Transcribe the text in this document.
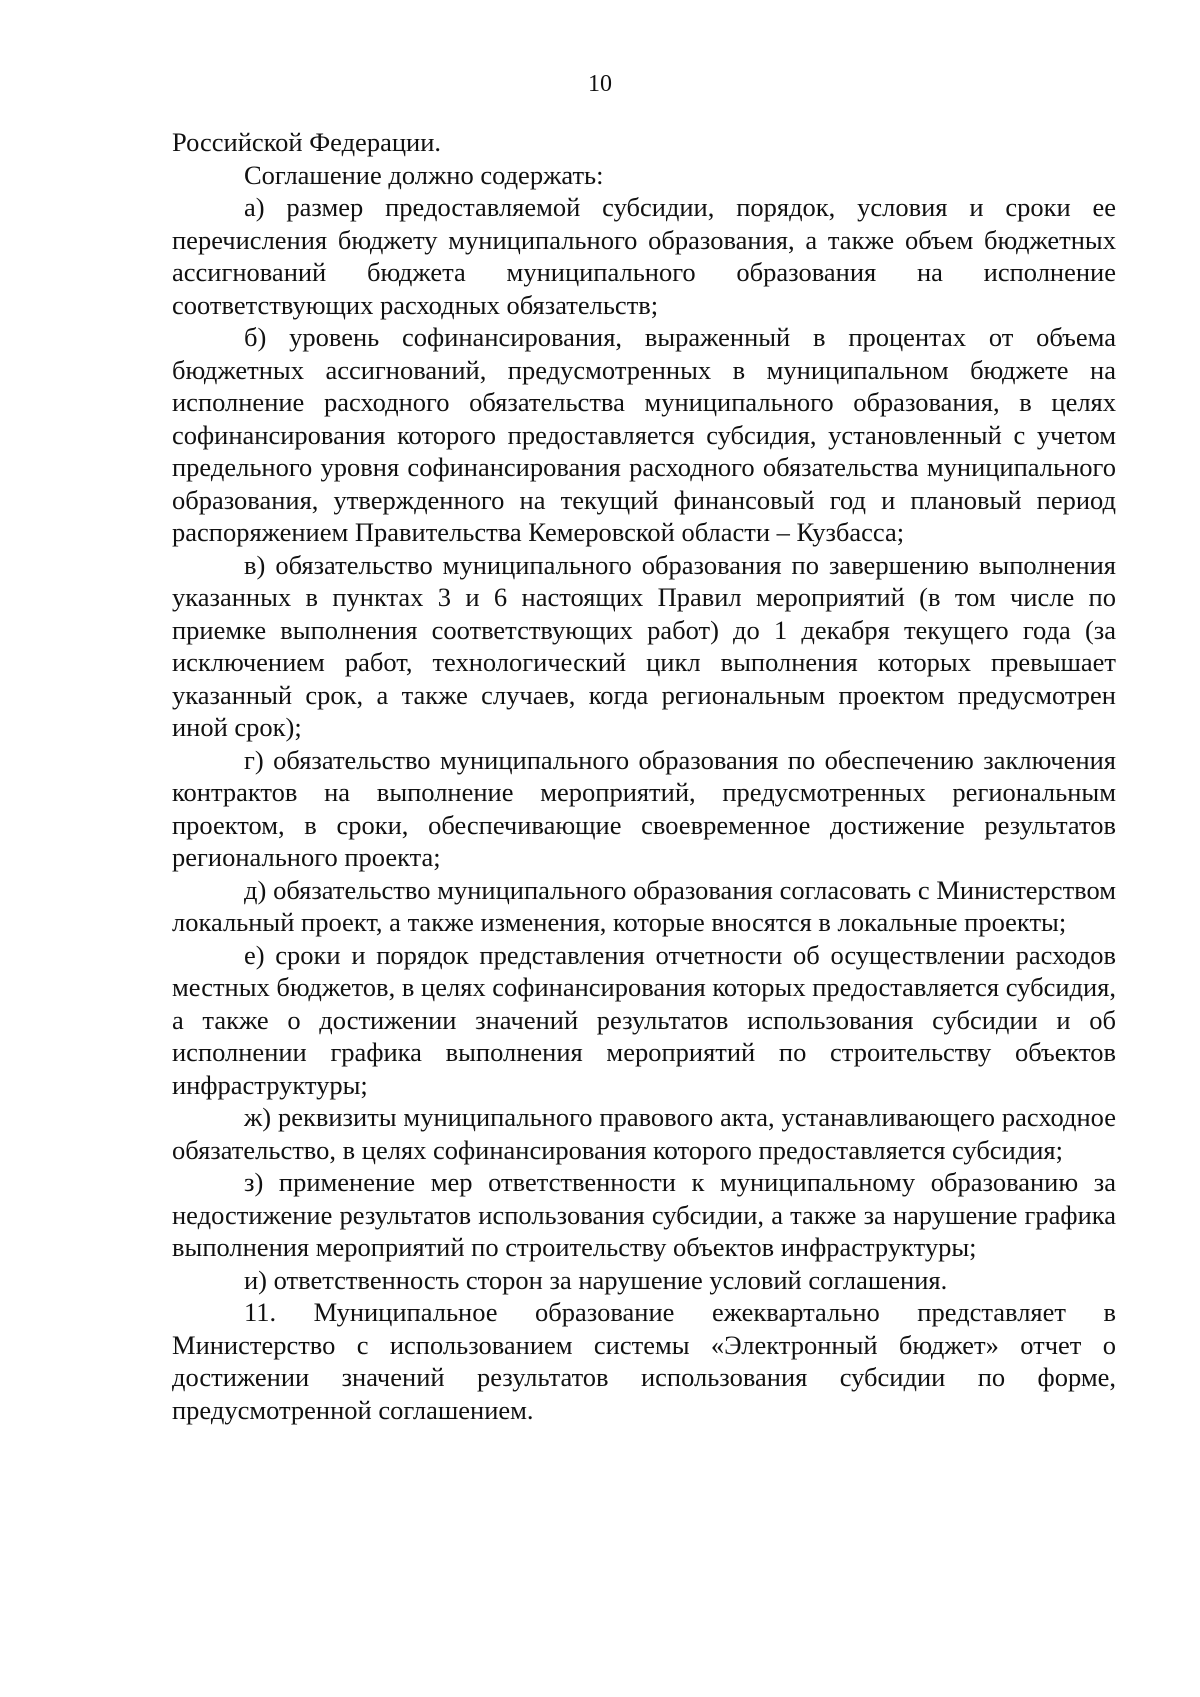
10

Российской Федерации.

Соглашение должно содержать:

а) размер предоставляемой субсидии, порядок, условия и сроки ее перечисления бюджету муниципального образования, а также объем бюджетных ассигнований бюджета муниципального образования на исполнение соответствующих расходных обязательств;

б) уровень софинансирования, выраженный в процентах от объема бюджетных ассигнований, предусмотренных в муниципальном бюджете на исполнение расходного обязательства муниципального образования, в целях софинансирования которого предоставляется субсидия, установленный с учетом предельного уровня софинансирования расходного обязательства муниципального образования, утвержденного на текущий финансовый год и плановый период распоряжением Правительства Кемеровской области – Кузбасса;

в) обязательство муниципального образования по завершению выполнения указанных в пунктах 3 и 6 настоящих Правил мероприятий (в том числе по приемке выполнения соответствующих работ) до 1 декабря текущего года (за исключением работ, технологический цикл выполнения которых превышает указанный срок, а также случаев, когда региональным проектом предусмотрен иной срок);

г) обязательство муниципального образования по обеспечению заключения контрактов на выполнение мероприятий, предусмотренных региональным проектом, в сроки, обеспечивающие своевременное достижение результатов регионального проекта;

д) обязательство муниципального образования согласовать с Министерством локальный проект, а также изменения, которые вносятся в локальные проекты;

е) сроки и порядок представления отчетности об осуществлении расходов местных бюджетов, в целях софинансирования которых предоставляется субсидия, а также о достижении значений результатов использования субсидии и об исполнении графика выполнения мероприятий по строительству объектов инфраструктуры;

ж) реквизиты муниципального правового акта, устанавливающего расходное обязательство, в целях софинансирования которого предоставляется субсидия;

з) применение мер ответственности к муниципальному образованию за недостижение результатов использования субсидии, а также за нарушение графика выполнения мероприятий по строительству объектов инфраструктуры;

и) ответственность сторон за нарушение условий соглашения.

11. Муниципальное образование ежеквартально представляет в Министерство с использованием системы «Электронный бюджет» отчет о достижении значений результатов использования субсидии по форме, предусмотренной соглашением.
